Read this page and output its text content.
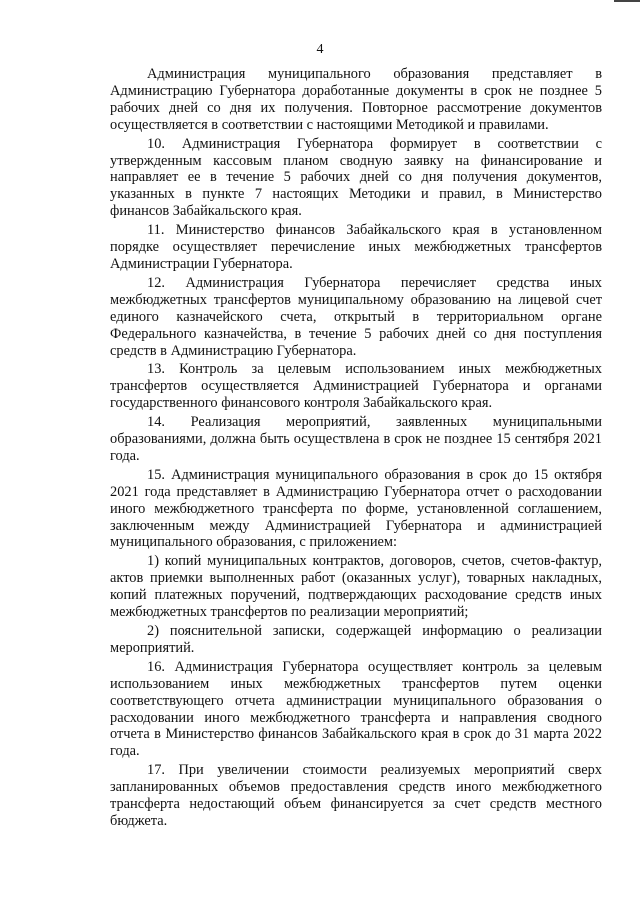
4

Администрация муниципального образования представляет в Администрацию Губернатора доработанные документы в срок не позднее 5 рабочих дней со дня их получения. Повторное рассмотрение документов осуществляется в соответствии с настоящими Методикой и правилами.

10. Администрация Губернатора формирует в соответствии с утвержденным кассовым планом сводную заявку на финансирование и направляет ее в течение 5 рабочих дней со дня получения документов, указанных в пункте 7 настоящих Методики и правил, в Министерство финансов Забайкальского края.

11. Министерство финансов Забайкальского края в установленном порядке осуществляет перечисление иных межбюджетных трансфертов Администрации Губернатора.

12. Администрация Губернатора перечисляет средства иных межбюджетных трансфертов муниципальному образованию на лицевой счет единого казначейского счета, открытый в территориальном органе Федерального казначейства, в течение 5 рабочих дней со дня поступления средств в Администрацию Губернатора.

13. Контроль за целевым использованием иных межбюджетных трансфертов осуществляется Администрацией Губернатора и органами государственного финансового контроля Забайкальского края.

14. Реализация мероприятий, заявленных муниципальными образованиями, должна быть осуществлена в срок не позднее 15 сентября 2021 года.

15. Администрация муниципального образования в срок до 15 октября 2021 года представляет в Администрацию Губернатора отчет о расходовании иного межбюджетного трансферта по форме, установленной соглашением, заключенным между Администрацией Губернатора и администрацией муниципального образования, с приложением:

1) копий муниципальных контрактов, договоров, счетов, счетов-фактур, актов приемки выполненных работ (оказанных услуг), товарных накладных, копий платежных поручений, подтверждающих расходование средств иных межбюджетных трансфертов по реализации мероприятий;

2) пояснительной записки, содержащей информацию о реализации мероприятий.

16. Администрация Губернатора осуществляет контроль за целевым использованием иных межбюджетных трансфертов путем оценки соответствующего отчета администрации муниципального образования о расходовании иного межбюджетного трансферта и направления сводного отчета в Министерство финансов Забайкальского края в срок до 31 марта 2022 года.

17. При увеличении стоимости реализуемых мероприятий сверх запланированных объемов предоставления средств иного межбюджетного трансферта недостающий объем финансируется за счет средств местного бюджета.
